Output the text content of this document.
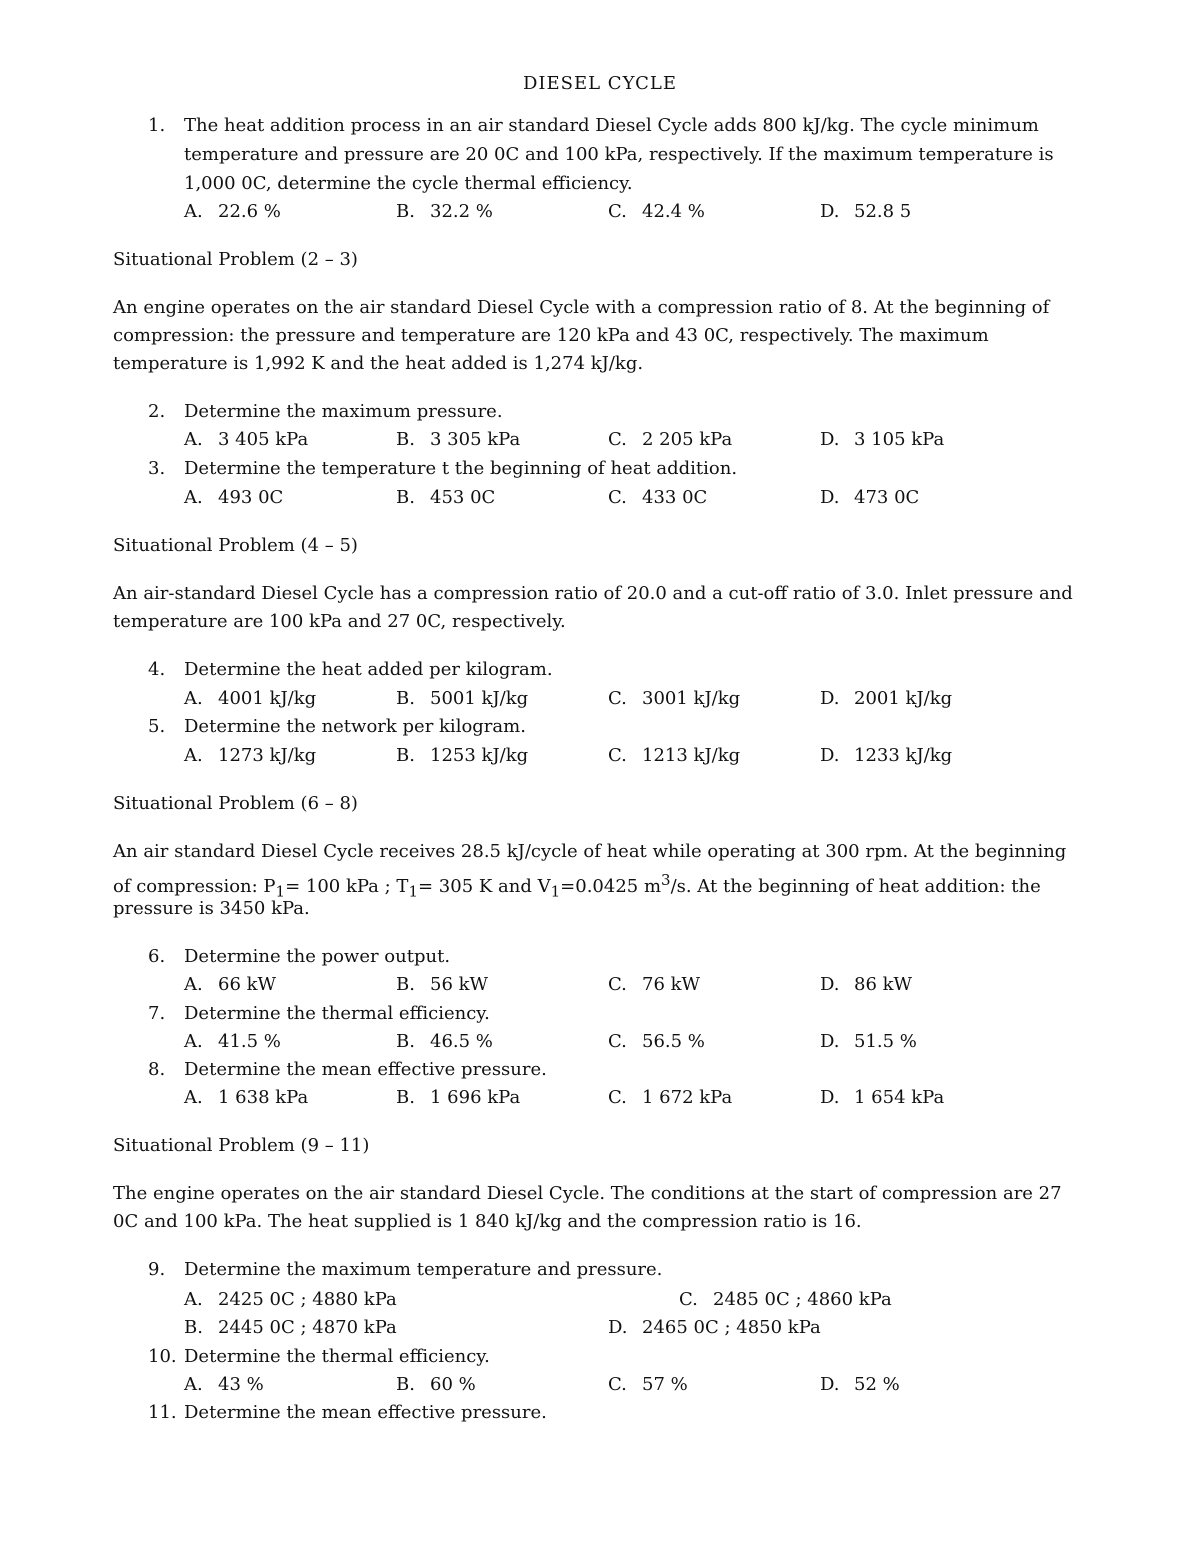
DIESEL CYCLE
1.	The heat addition process in an air standard Diesel Cycle adds 800 kJ/kg. The cycle minimum
temperature and pressure are 20 0C and 100 kPa, respectively. If the maximum temperature is
1,000 0C, determine the cycle thermal efficiency.
A. 22.6 %	B. 32.2 %	C. 42.4 %	D. 52.8 5
Situational Problem (2 – 3)
An engine operates on the air standard Diesel Cycle with a compression ratio of 8. At the beginning of
compression: the pressure and temperature are 120 kPa and 43 0C, respectively. The maximum
temperature is 1,992 K and the heat added is 1,274 kJ/kg.
2.	Determine the maximum pressure.
A. 3 405 kPa	B. 3 305 kPa	C. 2 205 kPa	D. 3 105 kPa
3.	Determine the temperature t the beginning of heat addition.
A. 493 0C	B. 453 0C	C. 433 0C	D. 473 0C
Situational Problem (4 – 5)
An air-standard Diesel Cycle has a compression ratio of 20.0 and a cut-off ratio of 3.0. Inlet pressure and
temperature are 100 kPa and 27 0C, respectively.
4.	Determine the heat added per kilogram.
A. 4001 kJ/kg	B. 5001 kJ/kg	C. 3001 kJ/kg	D. 2001 kJ/kg
5.	Determine the network per kilogram.
A. 1273 kJ/kg	B. 1253 kJ/kg	C. 1213 kJ/kg	D. 1233 kJ/kg
Situational Problem (6 – 8)
An air standard Diesel Cycle receives 28.5 kJ/cycle of heat while operating at 300 rpm. At the beginning
of compression: $P_1= 100$ kPa ; $T_1= 305$ K and $V_1=0.0425$ $m^3/s$. At the beginning of heat addition: the
pressure is 3450 kPa.
6.	Determine the power output.
A. 66 kW	B. 56 kW	C. 76 kW	D. 86 kW
7.	Determine the thermal efficiency.
A. 41.5 %	B. 46.5 %	C. 56.5 %	D. 51.5 %
8.	Determine the mean effective pressure.
A. 1 638 kPa	B. 1 696 kPa	C. 1 672 kPa	D. 1 654 kPa
Situational Problem (9 – 11)
The engine operates on the air standard Diesel Cycle. The conditions at the start of compression are 27
0C and 100 kPa. The heat supplied is 1 840 kJ/kg and the compression ratio is 16.
9.	Determine the maximum temperature and pressure.
A. 2425 0C ; 4880 kPa	C. 2485 0C ; 4860 kPa
B. 2445 0C ; 4870 kPa	D. 2465 0C ; 4850 kPa
10. Determine the thermal efficiency.
A. 43 %	B. 60 %	C. 57 %	D. 52 %
11. Determine the mean effective pressure.
